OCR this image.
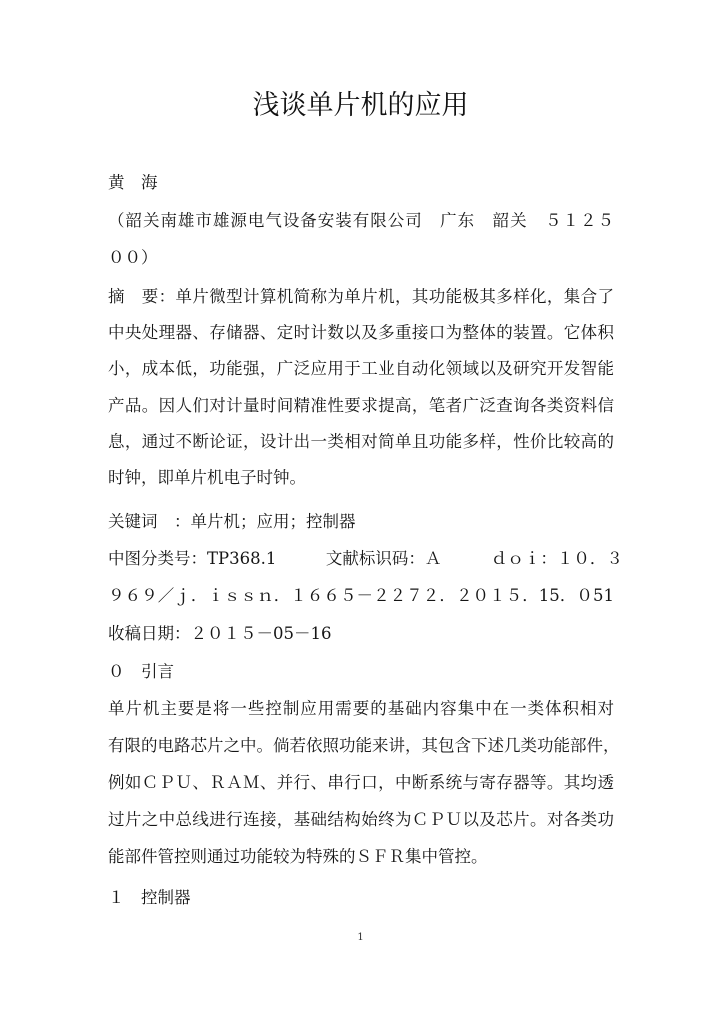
浅谈单片机的应用
黄　海
（韶关南雄市雄源电气设备安装有限公司　广东　韶关　５１２５
００）
摘　要：单片微型计算机简称为单片机，其功能极其多样化，集合了
中央处理器、存储器、定时计数以及多重接口为整体的装置。它体积
小，成本低，功能强，广泛应用于工业自动化领域以及研究开发智能
产品。因人们对计量时间精准性要求提高，笔者广泛查询各类资料信
息，通过不断论证，设计出一类相对简单且功能多样，性价比较高的
时钟，即单片机电子时钟。
关键词　：单片机；应用；控制器
中图分类号：TP368.1　　　文献标识码：Ａ　　　ｄｏｉ：１０．３
９６９／ｊ．ｉｓｓｎ．１６６５－２２７２．２０１５．15．０51
收稿日期：２０１５－05－16
０　引言
单片机主要是将一些控制应用需要的基础内容集中在一类体积相对
有限的电路芯片之中。倘若依照功能来讲，其包含下述几类功能部件，
例如ＣＰＵ、ＲＡＭ、并行、串行口，中断系统与寄存器等。其均透
过片之中总线进行连接，基础结构始终为ＣＰＵ以及芯片。对各类功
能部件管控则通过功能较为特殊的ＳＦＲ集中管控。
１　控制器
1
